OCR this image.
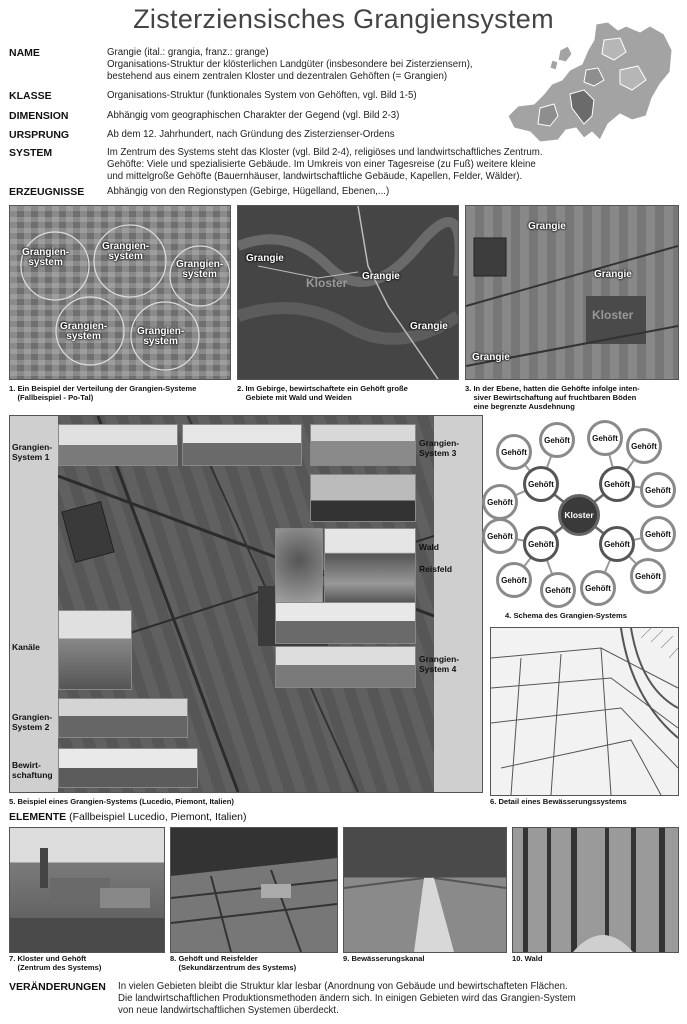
Zisterziensisches Grangiensystem
NAME	Grangie (ital.: grangia, franz.: grange)
Organisations-Struktur der klösterlichen Landgüter (insbesondere bei Zisterziensern),
bestehend aus einem zentralen Kloster und dezentralen Gehöften (= Grangien)
KLASSE	Organisations-Struktur (funktionales System von Gehöften, vgl. Bild 1-5)
DIMENSION	Abhängig vom geographischen Charakter der Gegend (vgl. Bild 2-3)
URSPRUNG	Ab dem 12. Jahrhundert, nach Gründung des Zisterzienser-Ordens
SYSTEM	Im Zentrum des Systems steht das Kloster (vgl. Bild 2-4), religiöses und landwirtschaftliches Zentrum.
Gehöfte: Viele und spezialisierte Gebäude. Im Umkreis von einer Tagesreise (zu Fuß) weitere kleine
und mittelgroße Gehöfte (Bauernhäuser, landwirtschaftliche Gebäude, Kapellen, Felder, Wälder).
ERZEUGNISSE Abhängig von den Regionstypen (Gebirge, Hügelland, Ebenen,...)
Grangien-
system
Grangien-
system
Grangien-
system
Grangien-
system	Grangien-
system
1. Ein Beispiel der Verteilung der Grangien-Systeme
(Fallbeispiel - Po-Tal)
Grangie
Grangie
Grangie
Kloster
2. Im Gebirge, bewirtschaftete ein Gehöft große
Gebiete mit Wald und Weiden
Grangie
Grangie
Grangie
Kloster
3. In der Ebene, hatten die Gehöfte infolge inten-
siver Bewirtschaftung auf fruchtbaren Böden
eine begrenzte Ausdehnung
Grangien-
System 1
Kanäle
Grangien-
System 2
Bewirt-
schaftung
Grangien-
System 3
Wald
Reisfeld
Grangien-
System 4
5. Beispiel eines Grangien-Systems (Lucedio, Piemont, Italien)
Gehöft
Gehöft	Gehöft
Gehöft
Gehöft
Gehöft
Gehöft	Gehöft
Gehöft
Gehöft	Gehöft
Gehöft
Gehöft	Gehöft
Gehöft	Gehöft
Kloster
4. Schema des Grangien-Systems
6. Detail eines Bewässerungssystems
ELEMENTE (Fallbeispiel Lucedio, Piemont, Italien)
7. Kloster und Gehöft
(Zentrum des Systems)
8. Gehöft und Reisfelder
(Sekundärzentrum des Systems)
9. Bewässerungskanal	10. Wald
VERÄNDERUNGEN In vielen Gebieten bleibt die Struktur klar lesbar (Anordnung von Gebäude und bewirtschafteten Flächen.
Die landwirtschaftlichen Produktionsmethoden ändern sich. In einigen Gebieten wird das Grangien-System
von neue landwirtschaftlichen Systemen überdeckt.
